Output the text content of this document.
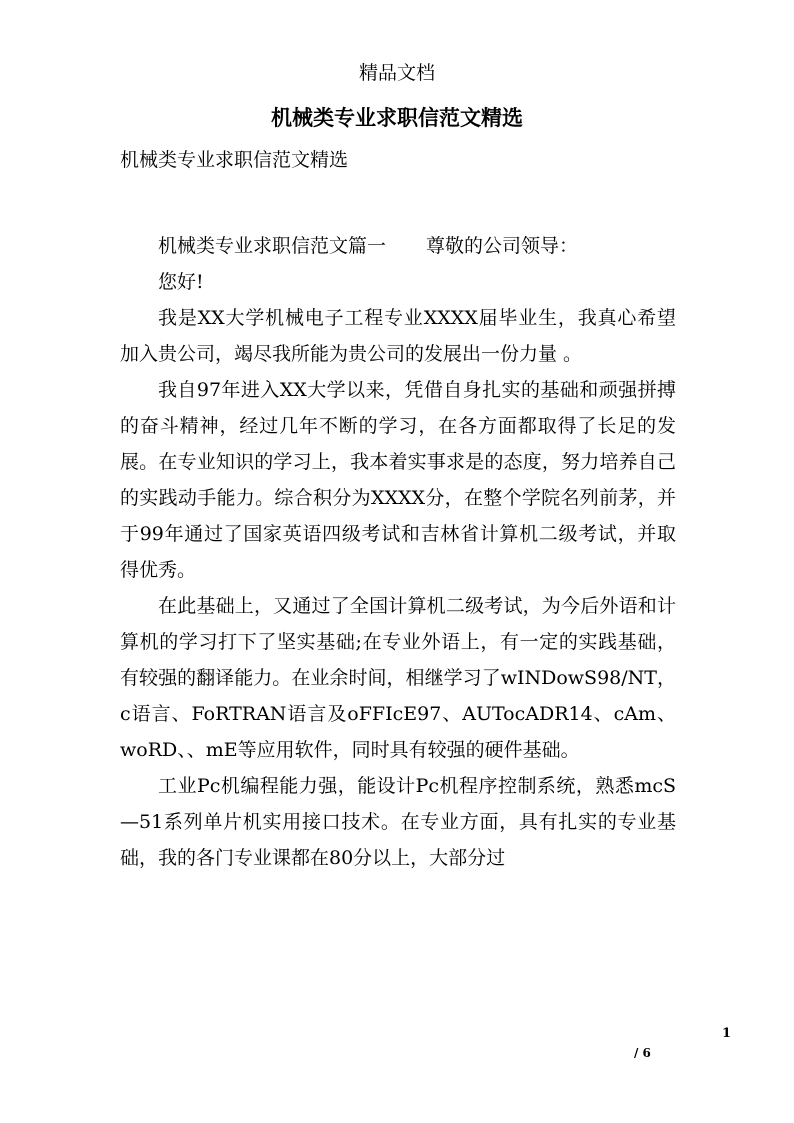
精品文档
机械类专业求职信范文精选
机械类专业求职信范文精选

机械类专业求职信范文篇一 尊敬的公司领导：

您好!

我是XX大学机械电子工程专业XXXX届毕业生，我真心希望加入贵公司，竭尽我所能为贵公司的发展出一份力量 。

我自97年进入XX大学以来，凭借自身扎实的基础和顽强拼搏的奋斗精神，经过几年不断的学习，在各方面都取得了长足的发展。在专业知识的学习上，我本着实事求是的态度，努力培养自己的实践动手能力。综合积分为XXXX分，在整个学院名列前茅，并于99年通过了国家英语四级考试和吉林省计算机二级考试，并取得优秀。

在此基础上，又通过了全国计算机二级考试，为今后外语和计算机的学习打下了坚实基础;在专业外语上，有一定的实践基础，有较强的翻译能力。在业余时间，相继学习了wINDowS98/NT，c语言、FoRTRAN语言及oFFIcE97、AUTocADR14、cAm、woRD、、mE等应用软件，同时具有较强的硬件基础。

工业Pc机编程能力强，能设计Pc机程序控制系统，熟悉mcS—51系列单片机实用接口技术。在专业方面，具有扎实的专业基础，我的各门专业课都在80分以上，大部分过

1
/ 6
